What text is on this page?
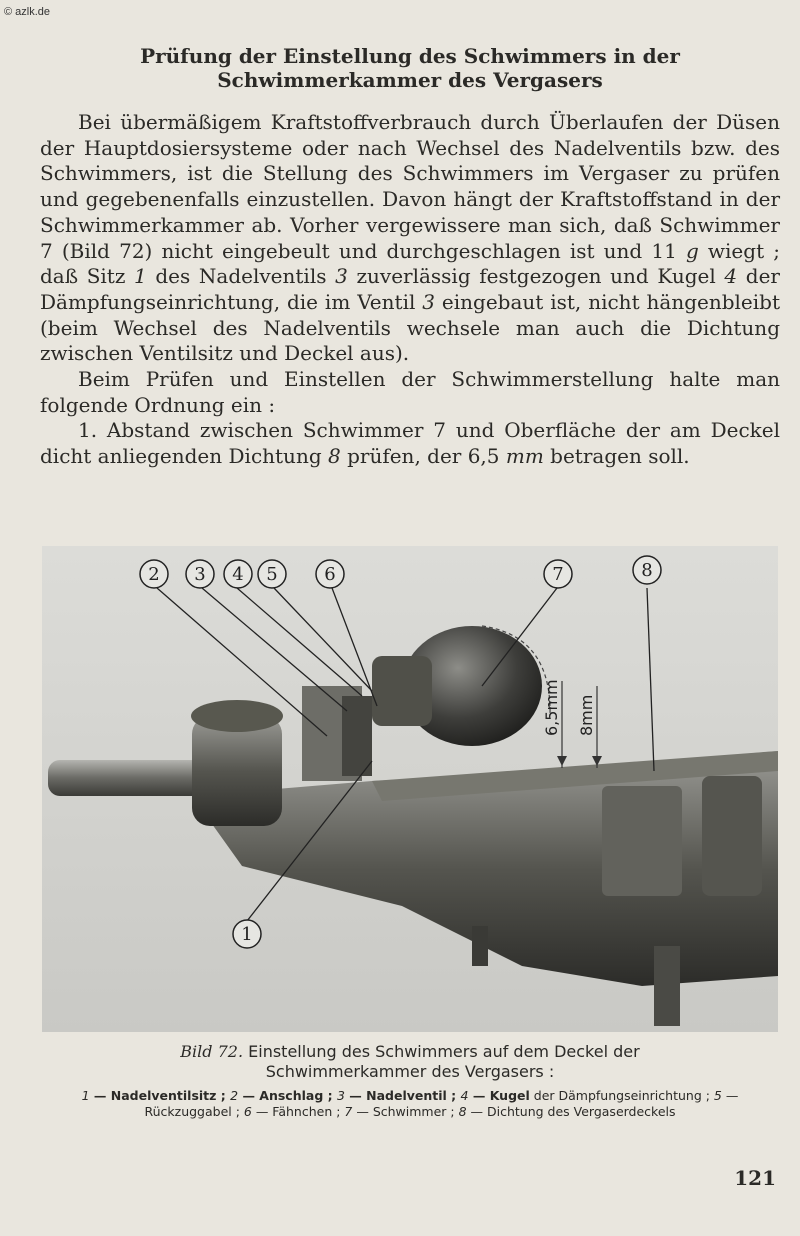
© azlk.de
Prüfung der Einstellung des Schwimmers in der
Schwimmerkammer des Vergasers

Bei übermäßigem Kraftstoffverbrauch durch Überlaufen der Düsen der Hauptdosiersysteme oder nach Wechsel des Nadelventils bzw. des Schwimmers, ist die Stellung des Schwimmers im Vergaser zu prüfen und gegebenenfalls einzustellen. Davon hängt der Kraftstoffstand in der Schwimmerkammer ab. Vorher vergewissere man sich, daß Schwimmer 7 (Bild 72) nicht eingebeult und durchgeschlagen ist und 11 g wiegt ; daß Sitz 1 des Nadelventils 3 zuverlässig festgezogen und Kugel 4 der Dämpfungseinrichtung, die im Ventil 3 eingebaut ist, nicht hängenbleibt (beim Wechsel des Nadelventils wechsele man auch die Dichtung zwischen Ventilsitz und Deckel aus).

Beim Prüfen und Einstellen der Schwimmerstellung halte man folgende Ordnung ein :

1. Abstand zwischen Schwimmer 7 und Oberfläche der am Deckel dicht anliegenden Dichtung 8 prüfen, der 6,5 mm betragen soll.

6,5mm 8mm
2 3 4 5	6	7	8
1
Bild 72. Einstellung des Schwimmers auf dem Deckel der
Schwimmerkammer des Vergasers :
1 — Nadelventilsitz ; 2 — Anschlag ; 3 — Nadelventil ; 4 — Kugel der Dämpfungseinrichtung ; 5 — Rückzuggabel ; 6 — Fähnchen ; 7 — Schwimmer ; 8 — Dichtung des Vergaserdeckels
121
